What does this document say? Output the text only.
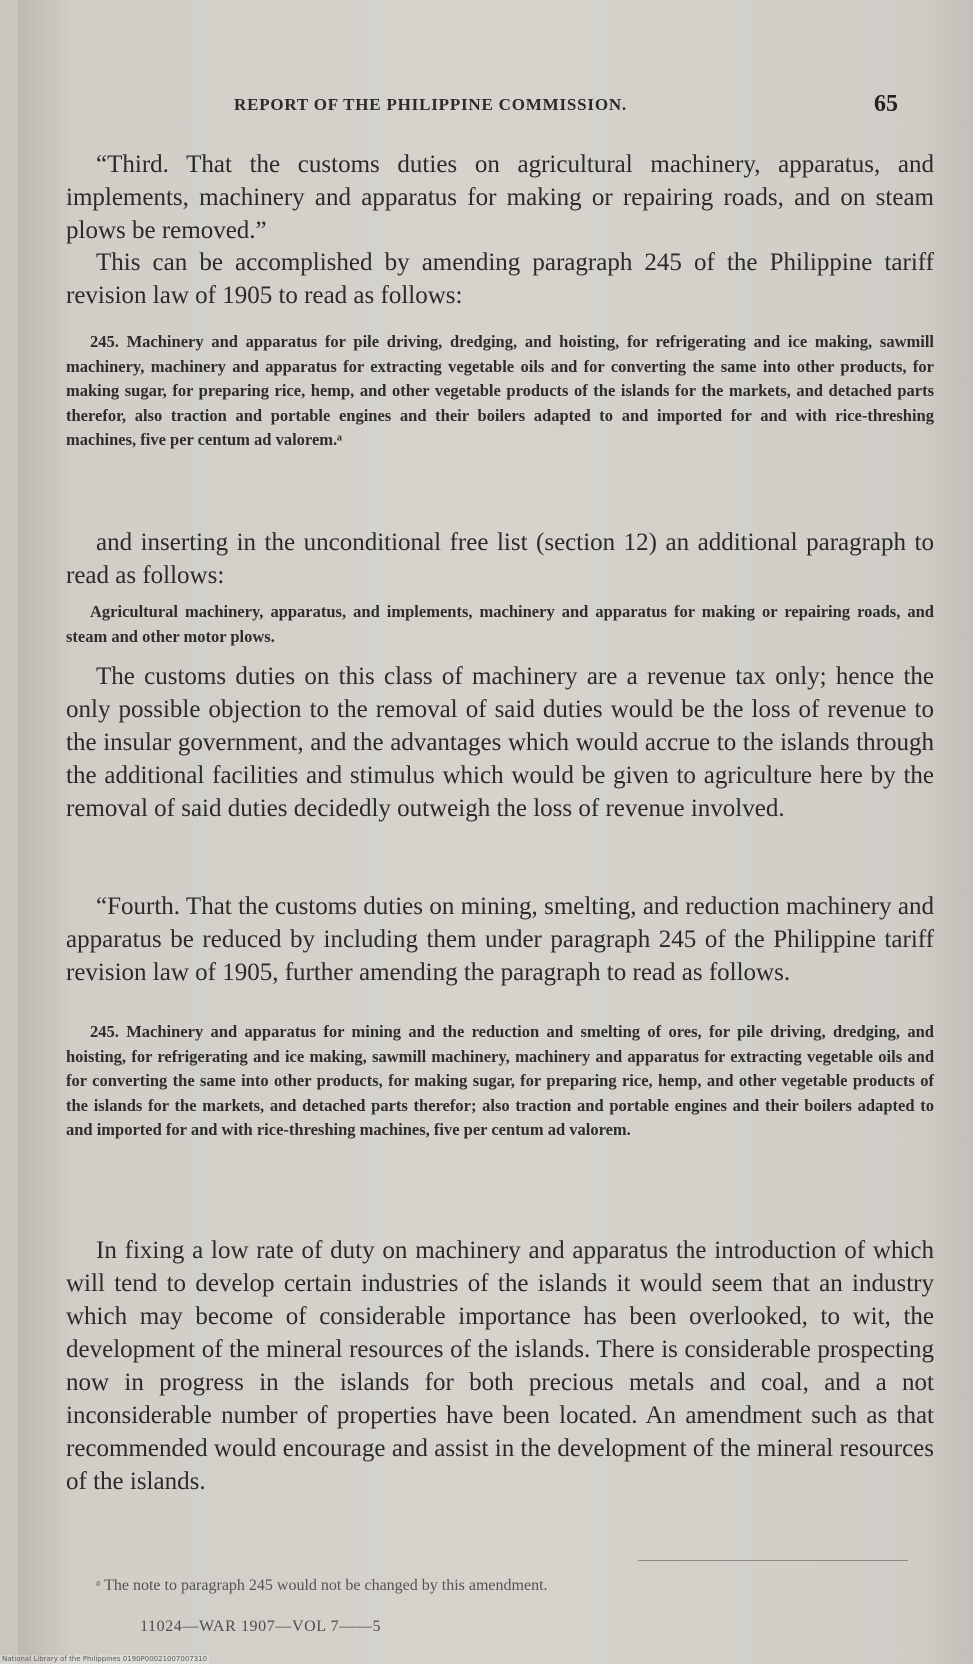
REPORT OF THE PHILIPPINE COMMISSION.	65

“Third. That the customs duties on agricultural machinery, apparatus, and implements, machinery and apparatus for making or repairing roads, and on steam plows be removed.”

This can be accomplished by amending paragraph 245 of the Philippine tariff revision law of 1905 to read as follows:

245. Machinery and apparatus for pile driving, dredging, and hoisting, for refrigerating and ice making, sawmill machinery, machinery and apparatus for extracting vegetable oils and for converting the same into other products, for making sugar, for preparing rice, hemp, and other vegetable products of the islands for the markets, and detached parts therefor, also traction and portable engines and their boilers adapted to and imported for and with rice-threshing machines, five per centum ad valorem.ᵃ

and inserting in the unconditional free list (section 12) an additional paragraph to read as follows:

Agricultural machinery, apparatus, and implements, machinery and apparatus for making or repairing roads, and steam and other motor plows.

The customs duties on this class of machinery are a revenue tax only; hence the only possible objection to the removal of said duties would be the loss of revenue to the insular government, and the advantages which would accrue to the islands through the additional facilities and stimulus which would be given to agriculture here by the removal of said duties decidedly outweigh the loss of revenue involved.

“Fourth. That the customs duties on mining, smelting, and reduction machinery and apparatus be reduced by including them under paragraph 245 of the Philippine tariff revision law of 1905, further amending the paragraph to read as follows.

245. Machinery and apparatus for mining and the reduction and smelting of ores, for pile driving, dredging, and hoisting, for refrigerating and ice making, sawmill machinery, machinery and apparatus for extracting vegetable oils and for converting the same into other products, for making sugar, for preparing rice, hemp, and other vegetable products of the islands for the markets, and detached parts therefor; also traction and portable engines and their boilers adapted to and imported for and with rice-threshing machines, five per centum ad valorem.

In fixing a low rate of duty on machinery and apparatus the introduction of which will tend to develop certain industries of the islands it would seem that an industry which may become of considerable importance has been overlooked, to wit, the development of the mineral resources of the islands. There is considerable prospecting now in progress in the islands for both precious metals and coal, and a not inconsiderable number of properties have been located. An amendment such as that recommended would encourage and assist in the development of the mineral resources of the islands.

ᵃ The note to paragraph 245 would not be changed by this amendment.
11024—WAR 1907—VOL 7——5
National Library of the Philippines 0190P00021007007310
